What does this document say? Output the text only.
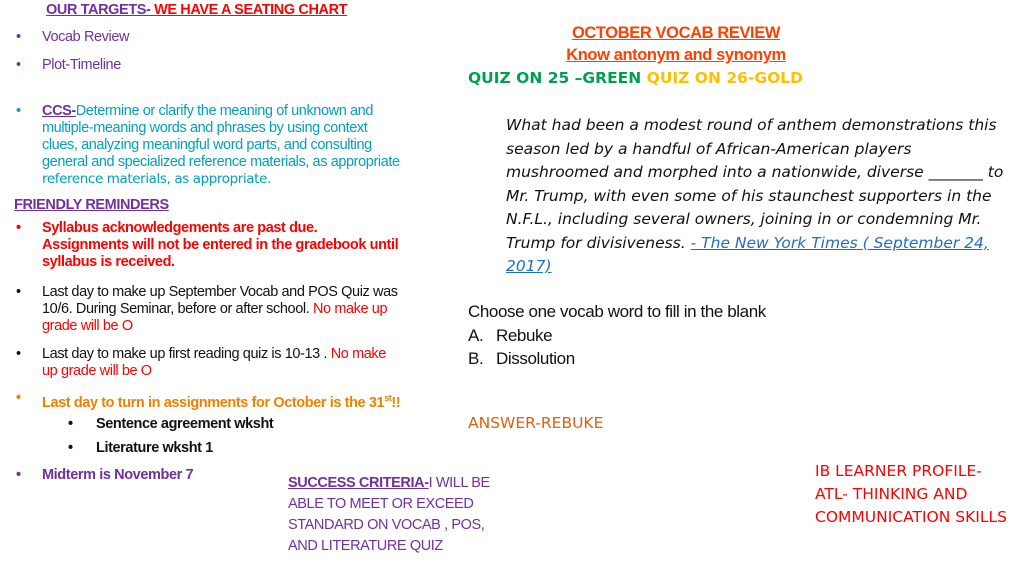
OUR TARGETS- WE HAVE A SEATING CHART
• Vocab Review
• Plot-Timeline
• CCS-Determine or clarify the meaning of unknown and multiple-meaning words and phrases by using context clues, analyzing meaningful word parts, and consulting general and specialized reference materials, as appropriate reference materials, as appropriate.
FRIENDLY REMINDERS
• Syllabus acknowledgements are past due. Assignments will not be entered in the gradebook until syllabus is received.
• Last day to make up September Vocab and POS Quiz was 10/6. During Seminar, before or after school. No make up grade will be O
• Last day to make up first reading quiz is 10-13 . No make up grade will be O
• Last day to turn in assignments for October is the 31st!!
• Sentence agreement wksht
• Literature wksht 1
• Midterm is November 7
OCTOBER VOCAB REVIEW
Know antonym and synonym
QUIZ ON 25 –GREEN QUIZ ON 26-GOLD
What had been a modest round of anthem demonstrations this season led by a handful of African-American players mushroomed and morphed into a nationwide, diverse _______ to Mr. Trump, with even some of his staunchest supporters in the N.F.L., including several owners, joining in or condemning Mr. Trump for divisiveness. - The New York Times ( September 24, 2017)
Choose one vocab word to fill in the blank
A. Rebuke
B. Dissolution
ANSWER-REBUKE
SUCCESS CRITERIA-I WILL BE ABLE TO MEET OR EXCEED STANDARD ON VOCAB , POS, AND LITERATURE QUIZ
IB LEARNER PROFILE- ATL- THINKING AND COMMUNICATION SKILLS
